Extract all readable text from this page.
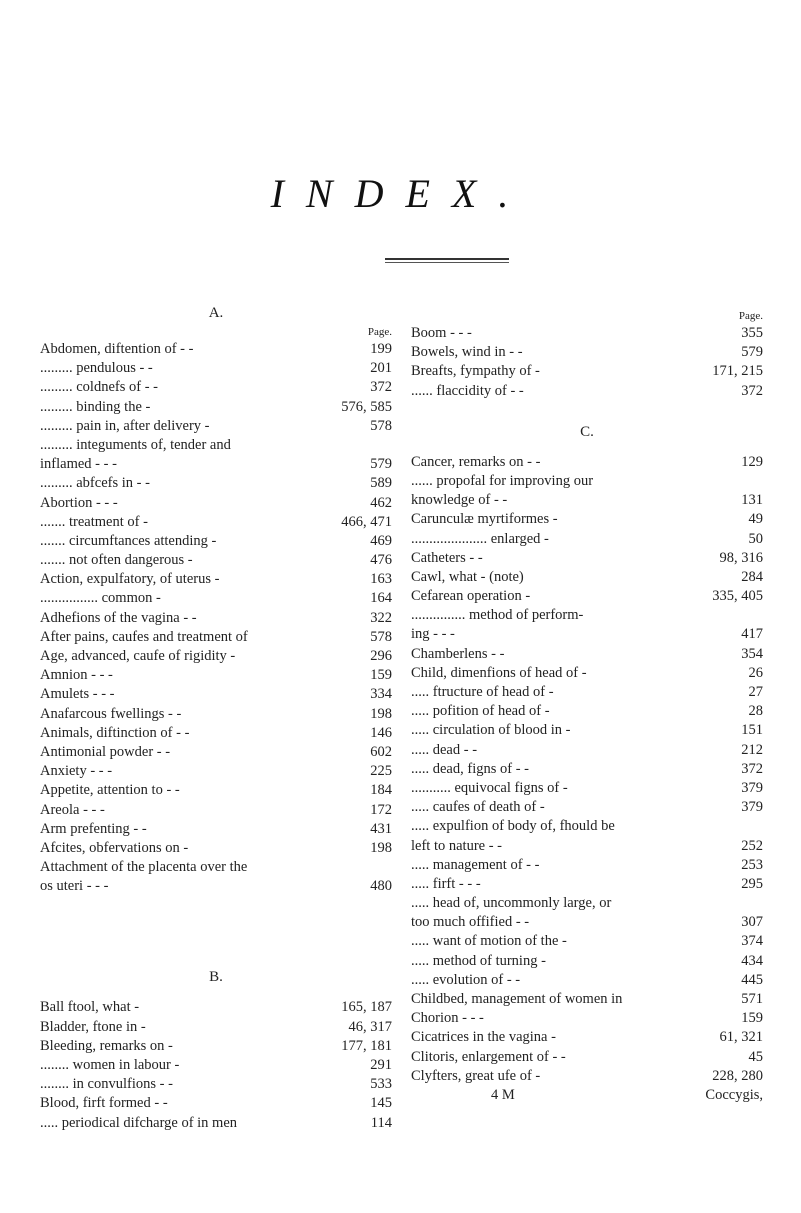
INDEX.
A.
Page.
Abdomen, diftention of - -	199
......... pendulous - -	201
......... coldnefs of - -	372
......... binding the -	576, 585
......... pain in, after delivery -	578
......... integuments of, tender and
inflamed - - -	579
......... abfcefs in - -	589
Abortion - - -	462
....... treatment of -	466, 471
....... circumftances attending -	469
....... not often dangerous -	476
Action, expulfatory, of uterus -	163
................ common -	164
Adhefions of the vagina - -	322
After pains, caufes and treatment of	578
Age, advanced, caufe of rigidity -	296
Amnion - - -	159
Amulets - - -	334
Anafarcous fwellings - -	198
Animals, diftinction of - -	146
Antimonial powder - -	602
Anxiety - - -	225
Appetite, attention to - -	184
Areola - - -	172
Arm prefenting - -	431
Afcites, obfervations on -	198
Attachment of the placenta over the
os uteri - - -	480
B.
Ball ftool, what -	165, 187
Bladder, ftone in -	46, 317
Bleeding, remarks on -	177, 181
........ women in labour -	291
........ in convulfions - -	533
Blood, firft formed - -	145
..... periodical difcharge of in men	114
Page.
Boom - - -	355
Bowels, wind in - -	579
Breafts, fympathy of -	171, 215
...... flaccidity of - -	372
C.
Cancer, remarks on - -	129
...... propofal for improving our
knowledge of - -	131
Carunculæ myrtiformes -	49
..................... enlarged -	50
Catheters - -	98, 316
Cawl, what - (note)	284
Cefarean operation -	335, 405
............... method of perform-
ing - - -	417
Chamberlens - -	354
Child, dimenfions of head of -	26
..... ftructure of head of -	27
..... pofition of head of -	28
..... circulation of blood in -	151
..... dead - -	212
..... dead, figns of - -	372
........... equivocal figns of -	379
..... caufes of death of -	379
..... expulfion of body of, fhould be
left to nature - -	252
..... management of - -	253
..... firft - - -	295
..... head of, uncommonly large, or
too much offified - -	307
..... want of motion of the -	374
..... method of turning -	434
..... evolution of - -	445
Childbed, management of women in	571
Chorion - - -	159
Cicatrices in the vagina -	61, 321
Clitoris, enlargement of - -	45
Clyfters, great ufe of -	228, 280
4 M	Coccygis,
